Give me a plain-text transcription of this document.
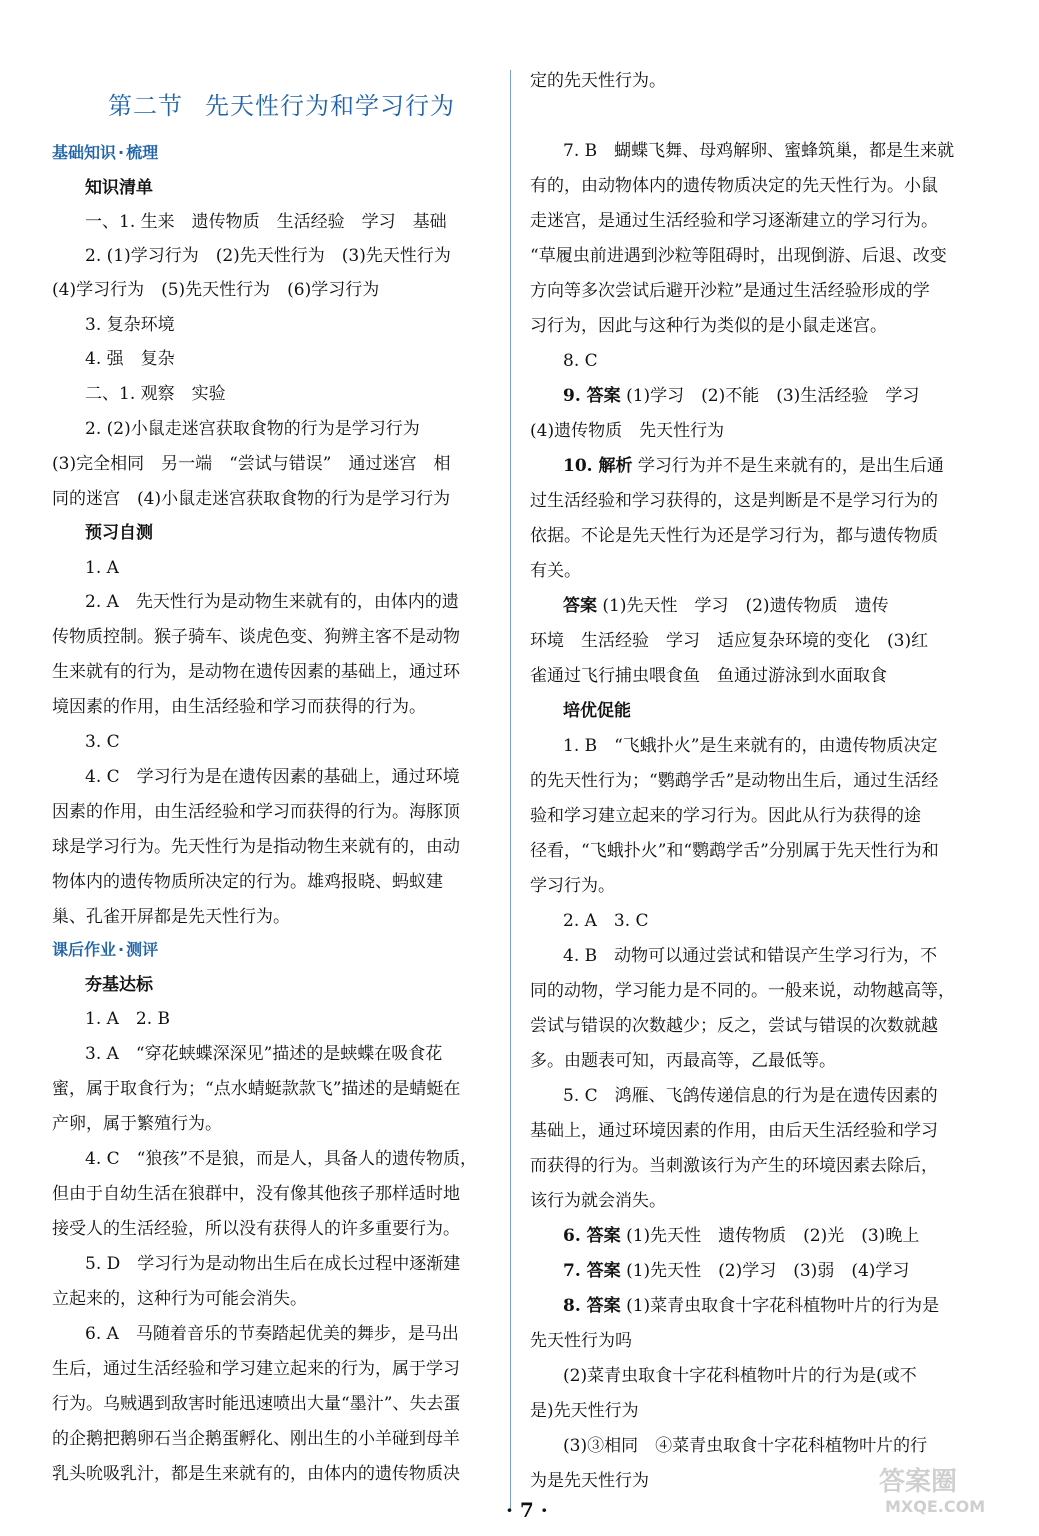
第二节 先天性行为和学习行为
基础知识 · 梳理
知识清单
一、1. 生来　遗传物质　生活经验　学习　基础
2. (1)学习行为　(2)先天性行为　(3)先天性行为
(4)学习行为　(5)先天性行为　(6)学习行为
3. 复杂环境
4. 强　复杂
二、1. 观察　实验
2. (2)小鼠走迷宫获取食物的行为是学习行为
(3)完全相同　另一端　“尝试与错误”　通过迷宫　相
同的迷宫　(4)小鼠走迷宫获取食物的行为是学习行为
预习自测
1. A
2. A　先天性行为是动物生来就有的，由体内的遗
传物质控制。猴子骑车、谈虎色变、狗辨主客不是动物
生来就有的行为，是动物在遗传因素的基础上，通过环
境因素的作用，由生活经验和学习而获得的行为。
3. C
4. C　学习行为是在遗传因素的基础上，通过环境
因素的作用，由生活经验和学习而获得的行为。海豚顶
球是学习行为。先天性行为是指动物生来就有的，由动
物体内的遗传物质所决定的行为。雄鸡报晓、蚂蚁建
巢、孔雀开屏都是先天性行为。
课后作业 · 测评
夯基达标
1. A　2. B
3. A　“穿花蛱蝶深深见”描述的是蛱蝶在吸食花
蜜，属于取食行为；“点水蜻蜓款款飞”描述的是蜻蜓在
产卵，属于繁殖行为。
4. C　“狼孩”不是狼，而是人，具备人的遗传物质，
但由于自幼生活在狼群中，没有像其他孩子那样适时地
接受人的生活经验，所以没有获得人的许多重要行为。
5. D　学习行为是动物出生后在成长过程中逐渐建
立起来的，这种行为可能会消失。
6. A　马随着音乐的节奏踏起优美的舞步，是马出
生后，通过生活经验和学习建立起来的行为，属于学习
行为。乌贼遇到敌害时能迅速喷出大量“墨汁”、失去蛋
的企鹅把鹅卵石当企鹅蛋孵化、刚出生的小羊碰到母羊
乳头吮吸乳汁，都是生来就有的，由体内的遗传物质决
定的先天性行为。
7. B　蝴蝶飞舞、母鸡解卵、蜜蜂筑巢，都是生来就
有的，由动物体内的遗传物质决定的先天性行为。小鼠
走迷宫，是通过生活经验和学习逐渐建立的学习行为。
“草履虫前进遇到沙粒等阻碍时，出现倒游、后退、改变
方向等多次尝试后避开沙粒”是通过生活经验形成的学
习行为，因此与这种行为类似的是小鼠走迷宫。
8. C
9. 答案 (1)学习　(2)不能　(3)生活经验　学习
(4)遗传物质　先天性行为
10. 解析 学习行为并不是生来就有的，是出生后通
过生活经验和学习获得的，这是判断是不是学习行为的
依据。不论是先天性行为还是学习行为，都与遗传物质
有关。
答案 (1)先天性　学习　(2)遗传物质　遗传
环境　生活经验　学习　适应复杂环境的变化　(3)红
雀通过飞行捕虫喂食鱼　鱼通过游泳到水面取食
培优促能
1. B　“飞蛾扑火”是生来就有的，由遗传物质决定
的先天性行为；“鹦鹉学舌”是动物出生后，通过生活经
验和学习建立起来的学习行为。因此从行为获得的途
径看，“飞蛾扑火”和“鹦鹉学舌”分别属于先天性行为和
学习行为。
2. A　3. C
4. B　动物可以通过尝试和错误产生学习行为，不
同的动物，学习能力是不同的。一般来说，动物越高等，
尝试与错误的次数越少；反之，尝试与错误的次数就越
多。由题表可知，丙最高等，乙最低等。
5. C　鸿雁、飞鸽传递信息的行为是在遗传因素的
基础上，通过环境因素的作用，由后天生活经验和学习
而获得的行为。当刺激该行为产生的环境因素去除后，
该行为就会消失。
6. 答案 (1)先天性　遗传物质　(2)光　(3)晚上
7. 答案 (1)先天性　(2)学习　(3)弱　(4)学习
8. 答案 (1)菜青虫取食十字花科植物叶片的行为是
先天性行为吗
(2)菜青虫取食十字花科植物叶片的行为是(或不
是)先天性行为
(3)③相同　④菜青虫取食十字花科植物叶片的行
为是先天性行为
· 7 ·
答案圈
MXQE.COM
